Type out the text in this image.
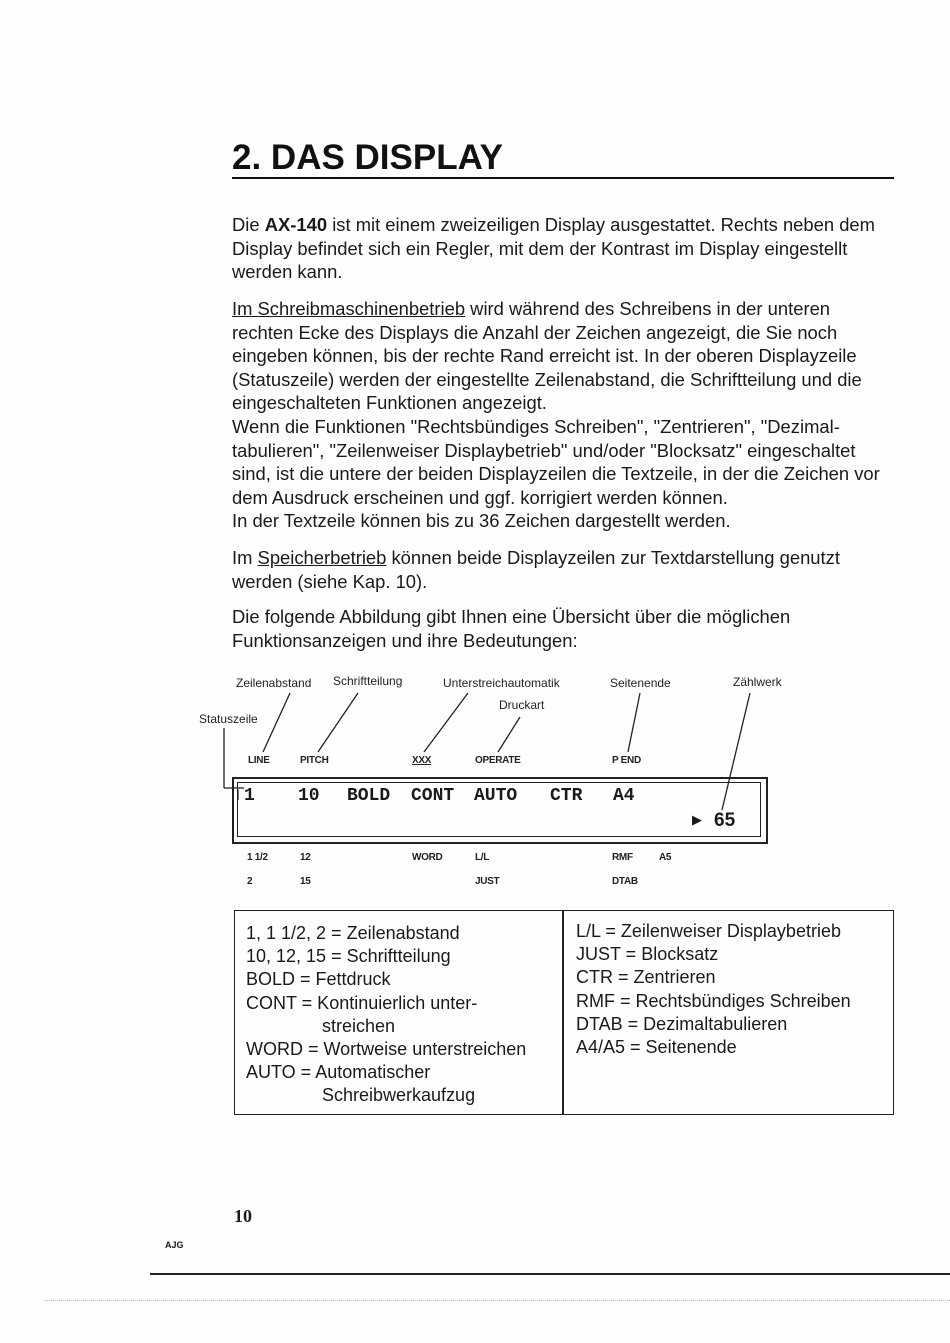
2. DAS DISPLAY
Die AX-140 ist mit einem zweizeiligen Display ausgestattet. Rechts neben dem
Display befindet sich ein Regler, mit dem der Kontrast im Display eingestellt
werden kann.
Im Schreibmaschinenbetrieb wird während des Schreibens in der unteren
rechten Ecke des Displays die Anzahl der Zeichen angezeigt, die Sie noch
eingeben können, bis der rechte Rand erreicht ist. In der oberen Displayzeile
(Statuszeile) werden der eingestellte Zeilenabstand, die Schriftteilung und die
eingeschalteten Funktionen angezeigt.
Wenn die Funktionen "Rechtsbündiges Schreiben", "Zentrieren", "Dezimal-
tabulieren", "Zeilenweiser Displaybetrieb" und/oder "Blocksatz" eingeschaltet
sind, ist die untere der beiden Displayzeilen die Textzeile, in der die Zeichen vor
dem Ausdruck erscheinen und ggf. korrigiert werden können.
In der Textzeile können bis zu 36 Zeichen dargestellt werden.
Im Speicherbetrieb können beide Displayzeilen zur Textdarstellung genutzt
werden (siehe Kap. 10).
Die folgende Abbildung gibt Ihnen eine Übersicht über die möglichen
Funktionsanzeigen und ihre Bedeutungen:
Zeilenabstand Schriftteilung	Unterstreichautomatik	Seitenende	Zählwerk
Statuszeile
Druckart
LINE	PITCH	XXX	OPERATE	P END
1 10 BOLD CONT AUTO CTR A4
▶ 65
1 1/2	12	WORD	L/L	RMF	A5
2	15	JUST	DTAB
1, 1 1/2, 2 = Zeilenabstand
10, 12, 15 = Schriftteilung
BOLD = Fettdruck
CONT = Kontinuierlich unter-
streichen
WORD = Wortweise unterstreichen
AUTO = Automatischer
Schreibwerkaufzug
L/L = Zeilenweiser Displaybetrieb
JUST = Blocksatz
CTR = Zentrieren
RMF = Rechtsbündiges Schreiben
DTAB = Dezimaltabulieren
A4/A5 = Seitenende
10
AJG
